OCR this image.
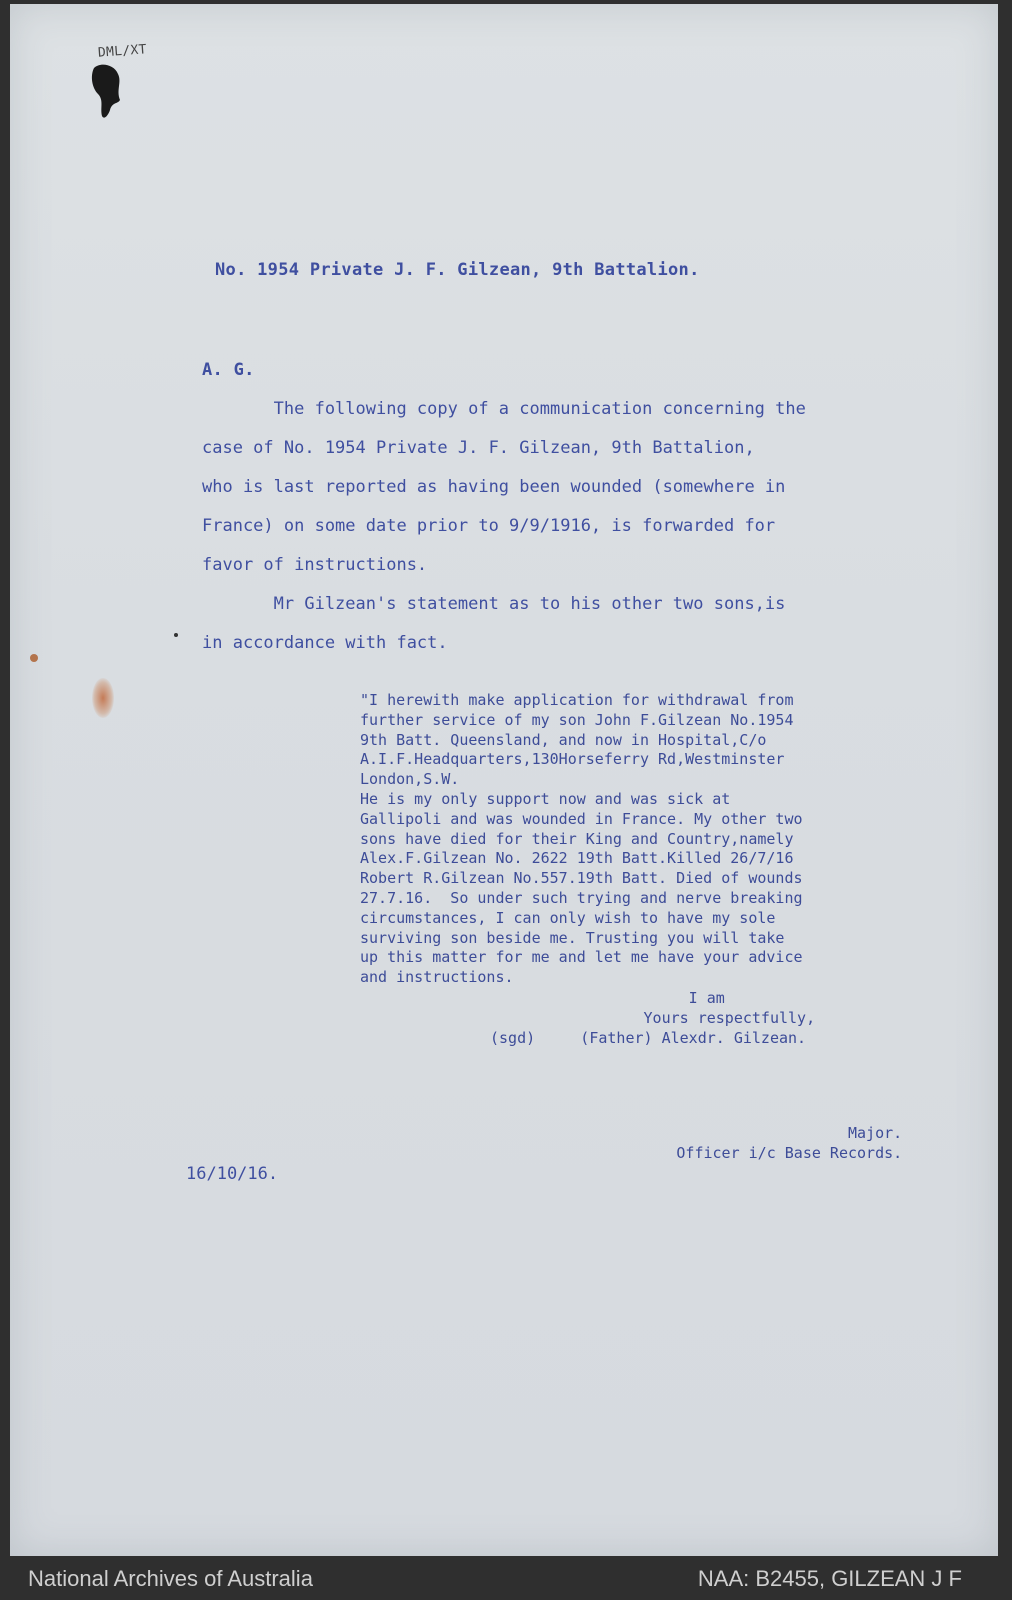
DML/XT
No. 1954 Private J. F. Gilzean, 9th Battalion.
A. G.
The following copy of a communication concerning the
case of No. 1954 Private J. F. Gilzean, 9th Battalion,
who is last reported as having been wounded (somewhere in
France) on some date prior to 9/9/1916, is forwarded for
favor of instructions.
Mr Gilzean's statement as to his other two sons,is
in accordance with fact.
"I herewith make application for withdrawal from
further service of my son John F.Gilzean No.1954
9th Batt. Queensland, and now in Hospital,C/o
A.I.F.Headquarters,130Horseferry Rd,Westminster
London,S.W.
He is my only support now and was sick at
Gallipoli and was wounded in France. My other two
sons have died for their King and Country,namely
Alex.F.Gilzean No. 2622 19th Batt.Killed 26/7/16
Robert R.Gilzean No.557.19th Batt. Died of wounds
27.7.16.  So under such trying and nerve breaking
circumstances, I can only wish to have my sole
surviving son beside me. Trusting you will take
up this matter for me and let me have your advice
and instructions.
I am
Yours respectfully,
(sgd)     (Father) Alexdr. Gilzean.
Major.
Officer i/c Base Records.
16/10/16.
National Archives of Australia	NAA: B2455, GILZEAN J F
